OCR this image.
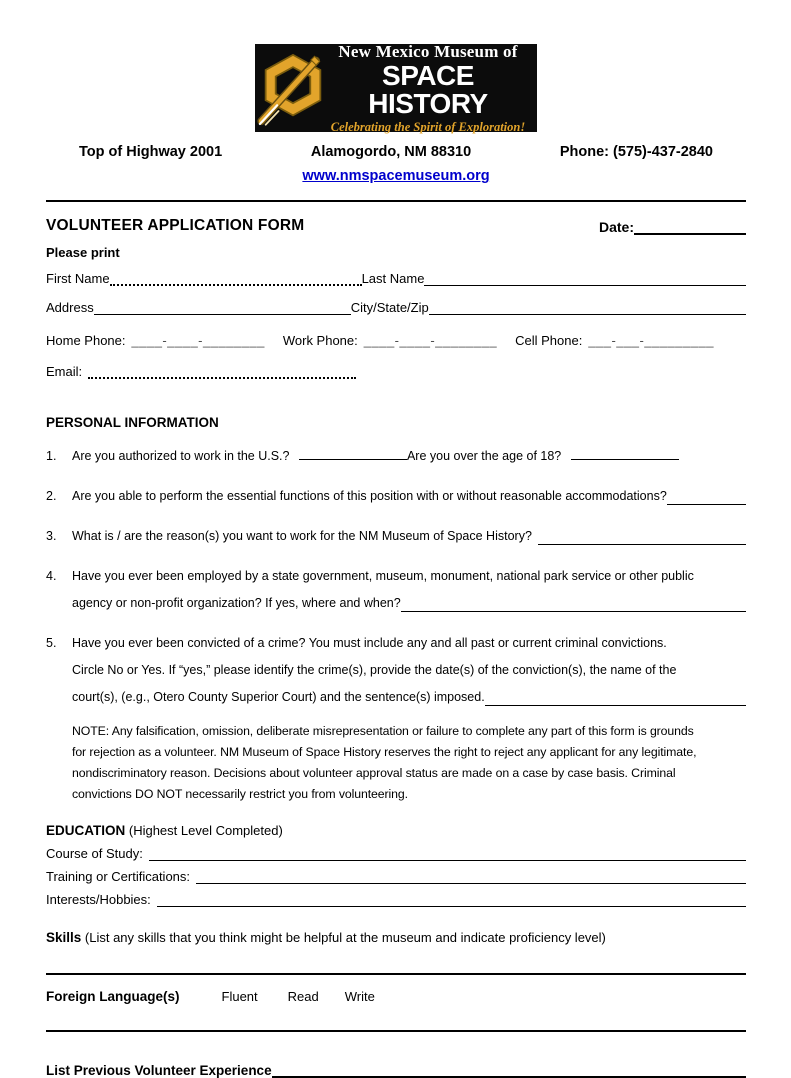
New Mexico Museum of
SPACE HISTORY
Celebrating the Spirit of Exploration!
Top of Highway 2001	Alamogordo, NM 88310	Phone: (575)-437-2840
www.nmspacemuseum.org
VOLUNTEER APPLICATION FORM	Date:
Please print
First Name	Last Name
Address	City/State/Zip
Home Phone: ____-____-________ Work Phone: ____-____-________ Cell Phone: ___-___-_________
Email:
PERSONAL INFORMATION
1.	Are you authorized to work in the U.S.?	Are you over the age of 18?
2.	Are you able to perform the essential functions of this position with or without reasonable accommodations?
3.	What is / are the reason(s) you want to work for the NM Museum of Space History?
4.	Have you ever been employed by a state government, museum, monument, national park service or other public
agency or non-profit organization? If yes, where and when?
5.	Have you ever been convicted of a crime? You must include any and all past or current criminal convictions.
Circle No or Yes. If “yes,” please identify the crime(s), provide the date(s) of the conviction(s), the name of the
court(s), (e.g., Otero County Superior Court) and the sentence(s) imposed.
NOTE: Any falsification, omission, deliberate misrepresentation or failure to complete any part of this form is grounds
for rejection as a volunteer. NM Museum of Space History reserves the right to reject any applicant for any legitimate,
nondiscriminatory reason. Decisions about volunteer approval status are made on a case by case basis. Criminal
convictions DO NOT necessarily restrict you from volunteering.
EDUCATION (Highest Level Completed)
Course of Study:
Training or Certifications:
Interests/Hobbies:
Skills (List any skills that you think might be helpful at the museum and indicate proficiency level)
Foreign Language(s)	Fluent Read Write
List Previous Volunteer Experience
